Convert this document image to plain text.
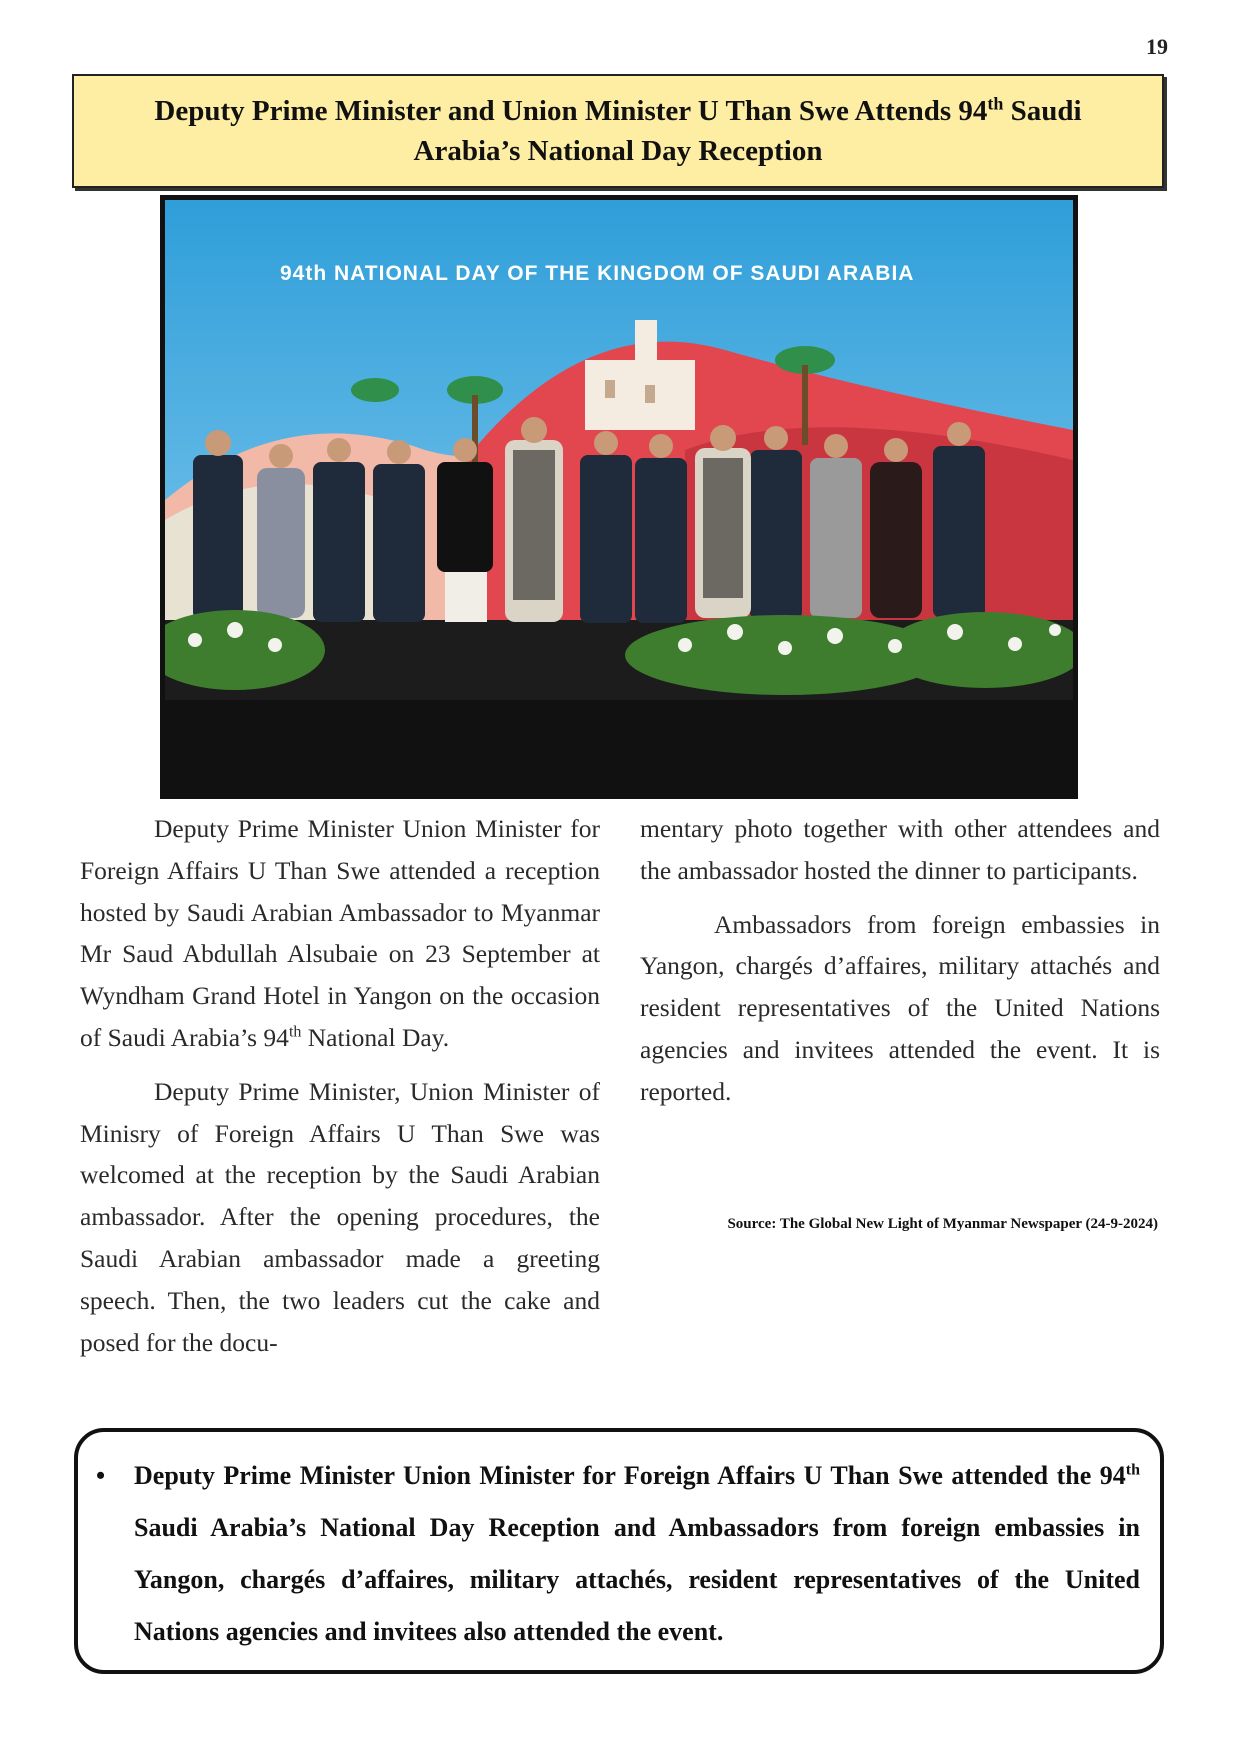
19
Deputy Prime Minister and Union Minister U Than Swe Attends 94th Saudi Arabia’s National Day Reception
94th NATIONAL DAY OF THE KINGDOM OF SAUDI ARABIA

Deputy Prime Minister Union Minister for Foreign Affairs U Than Swe attended a reception hosted by Saudi Arabian Ambassador to Myanmar Mr Saud Abdullah Alsubaie on 23 September at Wyndham Grand Hotel in Yangon on the occasion of Saudi Arabia’s 94th National Day.

Deputy Prime Minister, Union Minister of Minisry of Foreign Affairs U Than Swe was welcomed at the reception by the Saudi Arabian ambassador. After the opening procedures, the Saudi Arabian ambassador made a greeting speech. Then, the two leaders cut the cake and posed for the docu-

mentary photo together with other attendees and the ambassador hosted the dinner to participants.

Ambassadors from foreign embassies in Yangon, chargés d’affaires, military attachés and resident representatives of the United Nations agencies and invitees attended the event. It is reported.

Source: The Global New Light of Myanmar Newspaper (24-9-2024)
• Deputy Prime Minister Union Minister for Foreign Affairs U Than Swe attended the 94th Saudi Arabia’s National Day Reception and Ambassadors from foreign embassies in Yangon, chargés d’affaires, military attachés, resident representatives of the United Nations agencies and invitees also attended the event.
